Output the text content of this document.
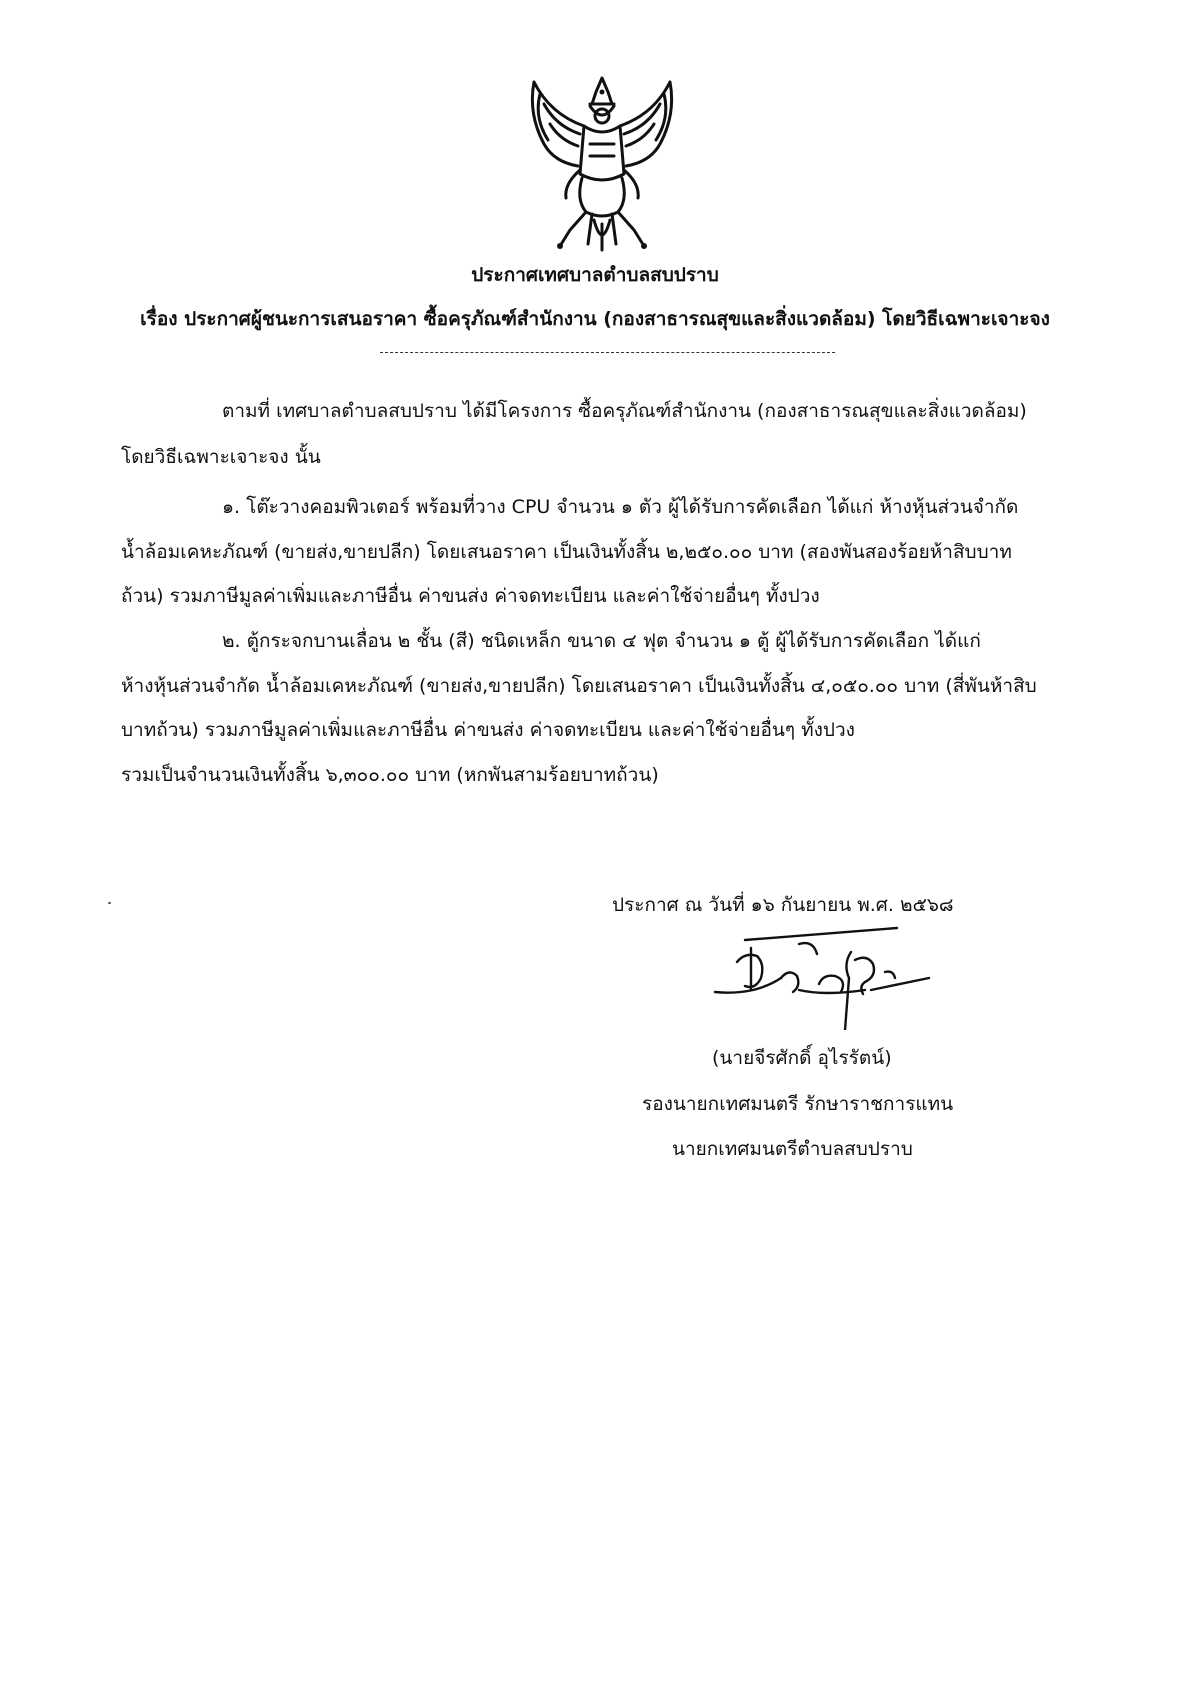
ประกาศเทศบาลตำบลสบปราบ
เรื่อง ประกาศผู้ชนะการเสนอราคา ซื้อครุภัณฑ์สำนักงาน (กองสาธารณสุขและสิ่งแวดล้อม) โดยวิธีเฉพาะเจาะจง
ตามที่ เทศบาลตำบลสบปราบ ได้มีโครงการ ซื้อครุภัณฑ์สำนักงาน (กองสาธารณสุขและสิ่งแวดล้อม)
โดยวิธีเฉพาะเจาะจง นั้น
๑. โต๊ะวางคอมพิวเตอร์ พร้อมที่วาง CPU จำนวน ๑ ตัว ผู้ได้รับการคัดเลือก ได้แก่ ห้างหุ้นส่วนจำกัด
น้ำล้อมเคหะภัณฑ์ (ขายส่ง,ขายปลีก) โดยเสนอราคา เป็นเงินทั้งสิ้น ๒,๒๕๐.๐๐ บาท (สองพันสองร้อยห้าสิบบาท
ถ้วน) รวมภาษีมูลค่าเพิ่มและภาษีอื่น ค่าขนส่ง ค่าจดทะเบียน และค่าใช้จ่ายอื่นๆ ทั้งปวง
๒. ตู้กระจกบานเลื่อน ๒ ชั้น (สี) ชนิดเหล็ก ขนาด ๔ ฟุต จำนวน ๑ ตู้ ผู้ได้รับการคัดเลือก ได้แก่
ห้างหุ้นส่วนจำกัด น้ำล้อมเคหะภัณฑ์ (ขายส่ง,ขายปลีก) โดยเสนอราคา เป็นเงินทั้งสิ้น ๔,๐๕๐.๐๐ บาท (สี่พันห้าสิบ
บาทถ้วน) รวมภาษีมูลค่าเพิ่มและภาษีอื่น ค่าขนส่ง ค่าจดทะเบียน และค่าใช้จ่ายอื่นๆ ทั้งปวง
รวมเป็นจำนวนเงินทั้งสิ้น ๖,๓๐๐.๐๐ บาท (หกพันสามร้อยบาทถ้วน)
ประกาศ ณ วันที่ ๑๖ กันยายน พ.ศ. ๒๕๖๘
(นายจีรศักดิ์ อุไรรัตน์)
รองนายกเทศมนตรี รักษาราชการแทน
นายกเทศมนตรีตำบลสบปราบ
